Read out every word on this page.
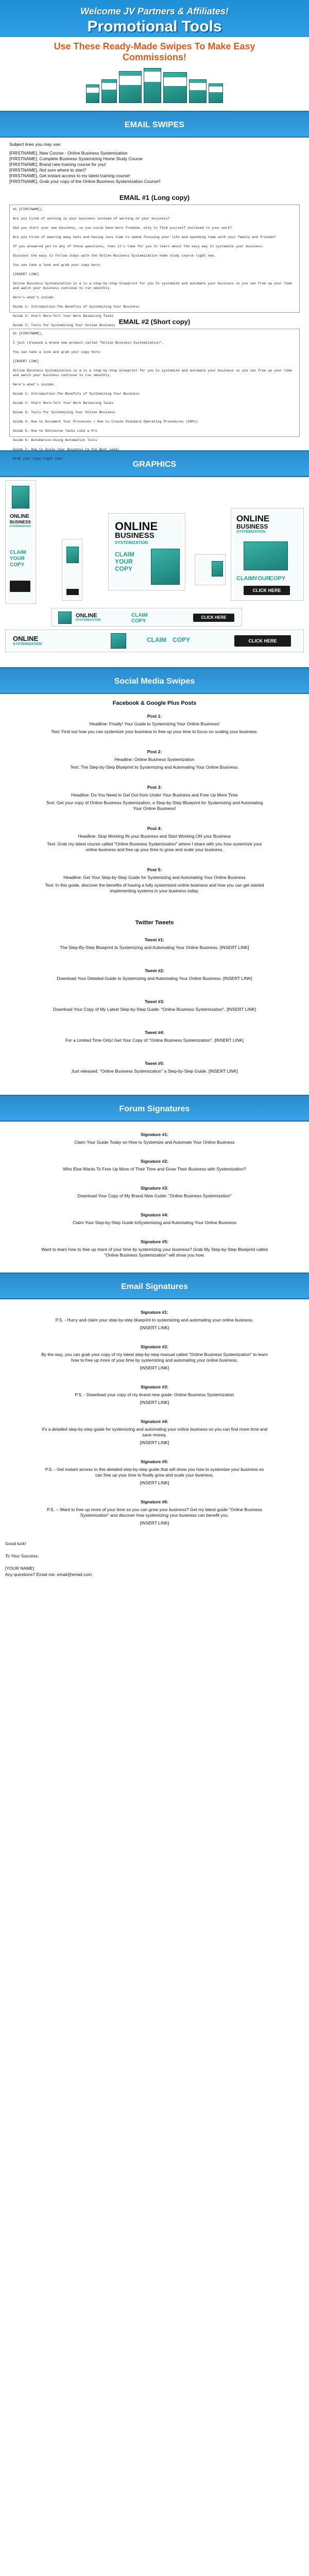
Welcome JV Partners & Affiliates!
Promotional Tools
Use These Ready-Made Swipes To Make Easy
Commissions!
EMAIL SWIPES
Subject lines you may use:
[FIRSTNAME], New Course - Online Business Systemization
[FIRSTNAME], Complete Business Systemizing Home Study Course
[FIRSTNAME], Brand new training course for you!
[FIRSTNAME], Not sure where to start?
[FIRSTNAME], Get instant access to my latest training course!
[FIRSTNAME], Grab your copy of the Online Business Systemization Course!!
EMAIL #1 (Long copy)
Hi [FIRSTNAME],

Are you tired of working in your business instead of working on your business?

Did you start your own business, so you could have more freedom, only to find yourself enslaved to your work?

Are you tired of wearing many hats and having less time to spend focusing your life and spending time with your family and friends?

If you answered yes to any of these questions, then it's time for you to learn about the easy way to systemize your business.

Discover the easy to follow steps with the Online Business Systemization home study course right now.

You can take a look and grab your copy here:

[INSERT LINK]

Online Business Systemization is a is a step-by-step blueprint for you to systemize and automate your business so you can free up your time and watch your business continue to run smoothly.

Here's what's inside:

Guide 1: Introduction-The Benefits of Systemizing Your Business

Guide 2: Start Here-Tell Your Work Balancing Tasks

Guide 3: Tools for Systemizing Your Online Business EMAIL #2 (Short copy)
Hi [FIRSTNAME],

I just released a brand new product called "Online Business Systemization".

You can take a look and grab your copy here:

[INSERT LINK]

Online Business Systemization is a is a step-by-step blueprint for you to systemize and automate your business so you can free up your time and watch your business continue to run smoothly.

Here's what's inside:

Guide 1: Introduction-The Benefits of Systemizing Your Business

Guide 2: Start Here-Tell Your Work Balancing Tasks

Guide 3: Tools for Systemizing Your Online Business

Guide 4: How to Document Your Processes + How to Create Standard Operating Procedures (SOPs)

Guide 5: How to Outsource Tasks Like a Pro

Guide 6: Automation-Using Automation Tools

Guide 7: How to Scale Your Business to the Next Level

Grab your copy right now!
GRAPHICS
ONLINE
BUSINESS
SYSTEMIZATION
CLAIM
YOUR
COPY
ONLINE
BUSINESS
SYSTEMIZATION
CLAIM
YOUR
COPY
ONLINE
BUSINESS
SYSTEMIZATION
CLAIM YOUR
COPY
CLICK HERE
ONLINE
SYSTEMIZATION
CLAIM
COPY
CLICK HERE
ONLINE
SYSTEMIZATION
CLAIM COPY	CLICK HERE
Social Media Swipes
Facebook & Google Plus Posts
Post 1:
Headline: Finally! Your Guide to Systemizing Your Online Business!
Text: Find out how you can systemize your business to free up your time to focus on scaling your business.
Post 2:
Headline: Online Business Systemization
Text: The Step-by-Step Blueprint to Systemizing and Automating Your Online Business.
Post 3:
Headline: Do You Need to Get Out from Under Your Business and Free Up More Time
Text: Get your copy of Online Business Systemization, a Step-by-Step Blueprint for Systemizing and Automating Your Online Business!
Post 4:
Headline: Stop Working IN your Business and Start Working ON your Business
Text: Grab my latest course called "Online Business Systemization" where I share with you how systemize your online business and free up your time to grow and scale your business.
Post 5:
Headline: Get Your Step-by-Step Guide for Systemizing and Automating Your Online Business
Text: In this guide, discover the benefits of having a fully systemized online business and how you can get started implementing systems in your business today.
Twitter Tweets
Tweet #1:
The Step-By-Step Blueprint to Systemizing and Automating Your Online Business. [INSERT LINK]
Tweet #2:
Download Your Detailed Guide to Systemizing and Automating Your Online Business. [INSERT LINK]
Tweet #3:
Download Your Copy of My Latest Step-by-Step Guide: "Online Business Systemization". [INSERT LINK]
Tweet #4:
For a Limited Time Only! Get Your Copy of "Online Business Systemization". [INSERT LINK]
Tweet #5:
Just released: "Online Business Systemization" a Step-by-Step Guide. [INSERT LINK]
Forum Signatures
Signature #1:
Claim Your Guide Today on How to Systemize and Automate Your Online Business
Signature #2:
Who Else Wants To Free Up More of Their Time and Grow Their Business with Systemization?
Signature #3:
Download Your Copy of My Brand New Guide: "Online Business Systemization"
Signature #4:
Claim Your Step-by-Step Guide toSystemizing and Automating Your Online Business
Signature #5:
Want to learn how to free up more of your time by systemizing your business? Grab My Step-by-Step Blueprint called "Online Business Systemization" will show you how.
Email Signatures
Signature #1:
P.S. - Hurry and claim your step-by-step blueprint to systemizing and automating your online business.
[INSERT LINK]
Signature #2:
By the way, you can grab your copy of my latest step-by-step manual called "Online Business Systemization" to learn how to free up more of your time by systemizing and automating your online business.
[INSERT LINK]
Signature #3:
P.S. - Download your copy of my brand new guide: Online Business Systemization
[INSERT LINK]
Signature #4:
It's a detailed step-by-step guide for systemizing and automating your online business so you can find more time and save money.
[INSERT LINK]
Signature #5:
P.S. - Get instant access to this detailed step-by-step guide that will show you how to systemize your business so can free up your time to finally grow and scale your business.
[INSERT LINK]
Signature #6:
P.S. -- Want to free up more of your time so you can grow your business? Get my latest guide "Online Business Systemization" and discover how systemizing your business can benefit you.
[INSERT LINK]
Good luck!
To Your Success,
[YOUR NAME]
Any questions? Email me: email@email.com
